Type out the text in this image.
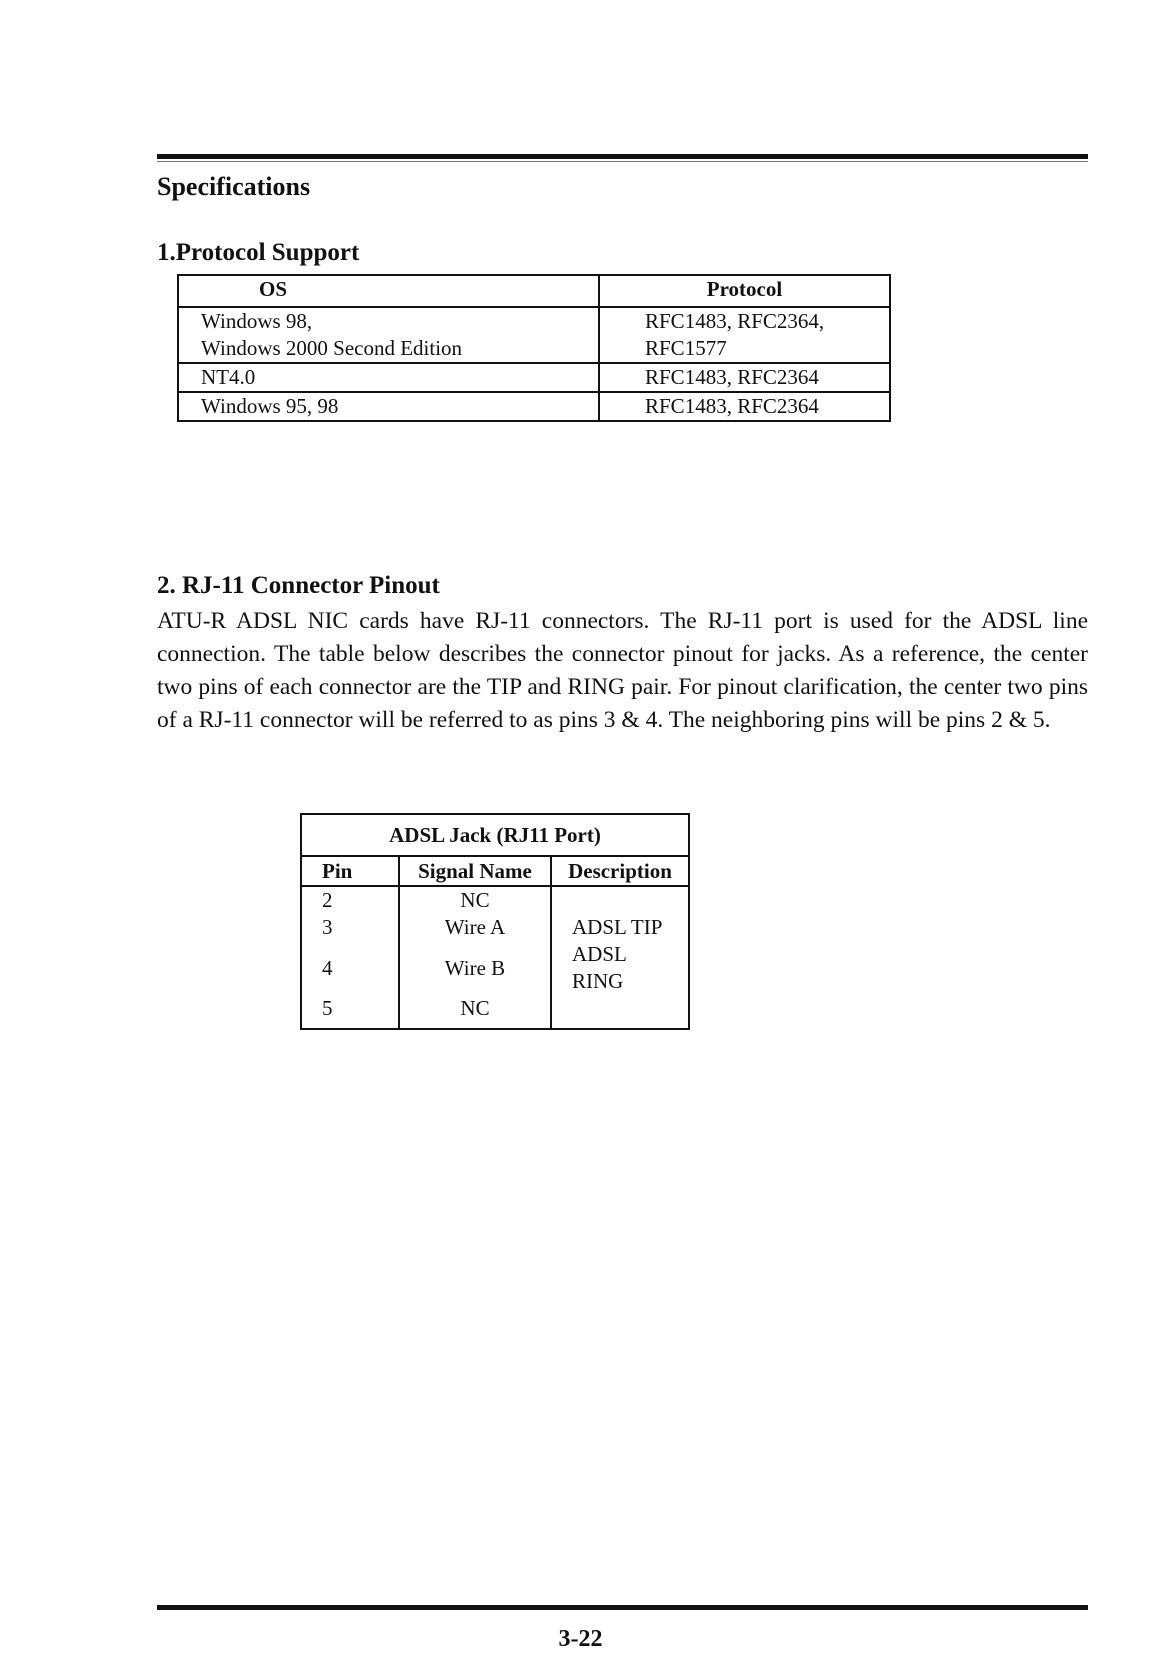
Specifications
1.Protocol Support
OS	Protocol

Windows 98,
Windows 2000 Second Edition	RFC1483, RFC2364, RFC1577

NT4.0	RFC1483, RFC2364

Windows 95, 98	RFC1483, RFC2364
2. RJ-11 Connector Pinout

ATU-R ADSL NIC cards have RJ-11 connectors. The RJ-11 port is used for the ADSL line connection. The table below describes the connector pinout for jacks. As a reference, the center two pins of each connector are the TIP and RING pair. For pinout clarification, the center two pins of a RJ-11 connector will be referred to as pins 3 & 4. The neighboring pins will be pins 2 & 5.

ADSL Jack (RJ11 Port)		
Pin	Signal Name	Description
2	NC	
3	Wire A	ADSL TIP
4	Wire B	ADSL RING
5	NC	

3-22
